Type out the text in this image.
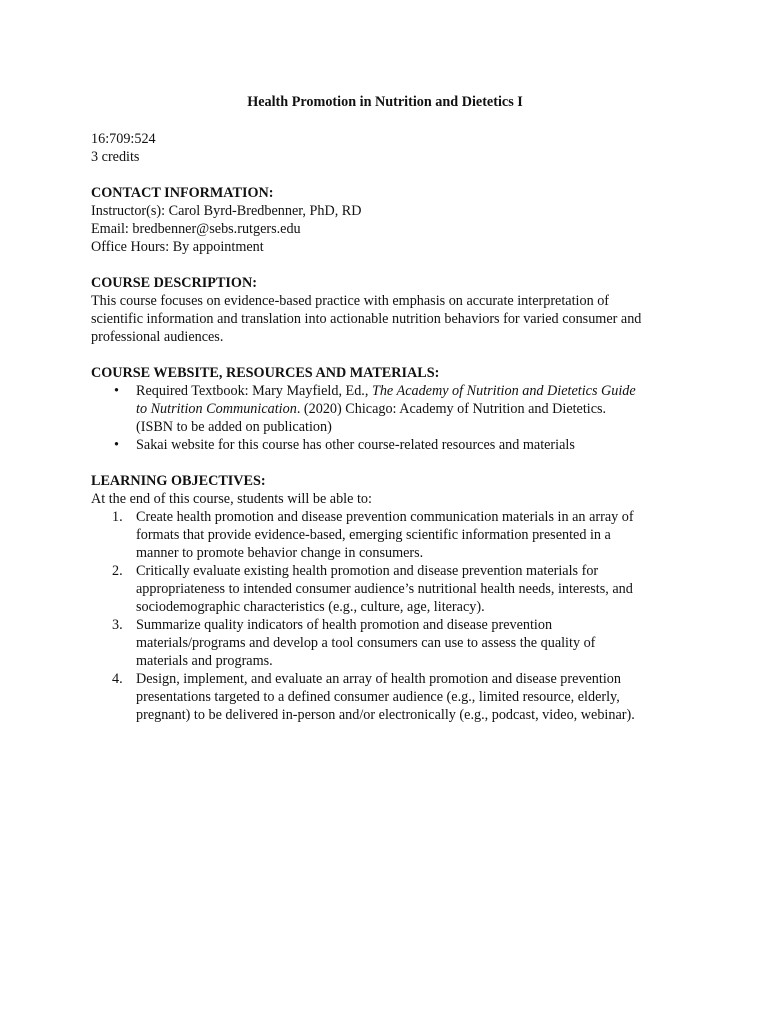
Health Promotion in Nutrition and Dietetics I

16:709:524
3 credits
CONTACT INFORMATION:
Instructor(s): Carol Byrd-Bredbenner, PhD, RD
Email: bredbenner@sebs.rutgers.edu
Office Hours: By appointment
COURSE DESCRIPTION:
This course focuses on evidence-based practice with emphasis on accurate interpretation of
scientific information and translation into actionable nutrition behaviors for varied consumer and
professional audiences.
COURSE WEBSITE, RESOURCES AND MATERIALS:
• Required Textbook: Mary Mayfield, Ed., The Academy of Nutrition and Dietetics Guide
to Nutrition Communication. (2020) Chicago: Academy of Nutrition and Dietetics.
(ISBN to be added on publication)
• Sakai website for this course has other course-related resources and materials
LEARNING OBJECTIVES:
At the end of this course, students will be able to:
1. Create health promotion and disease prevention communication materials in an array of
formats that provide evidence-based, emerging scientific information presented in a
manner to promote behavior change in consumers.
2. Critically evaluate existing health promotion and disease prevention materials for
appropriateness to intended consumer audience’s nutritional health needs, interests, and
sociodemographic characteristics (e.g., culture, age, literacy).
3. Summarize quality indicators of health promotion and disease prevention
materials/programs and develop a tool consumers can use to assess the quality of
materials and programs.
4. Design, implement, and evaluate an array of health promotion and disease prevention
presentations targeted to a defined consumer audience (e.g., limited resource, elderly,
pregnant) to be delivered in-person and/or electronically (e.g., podcast, video, webinar).
